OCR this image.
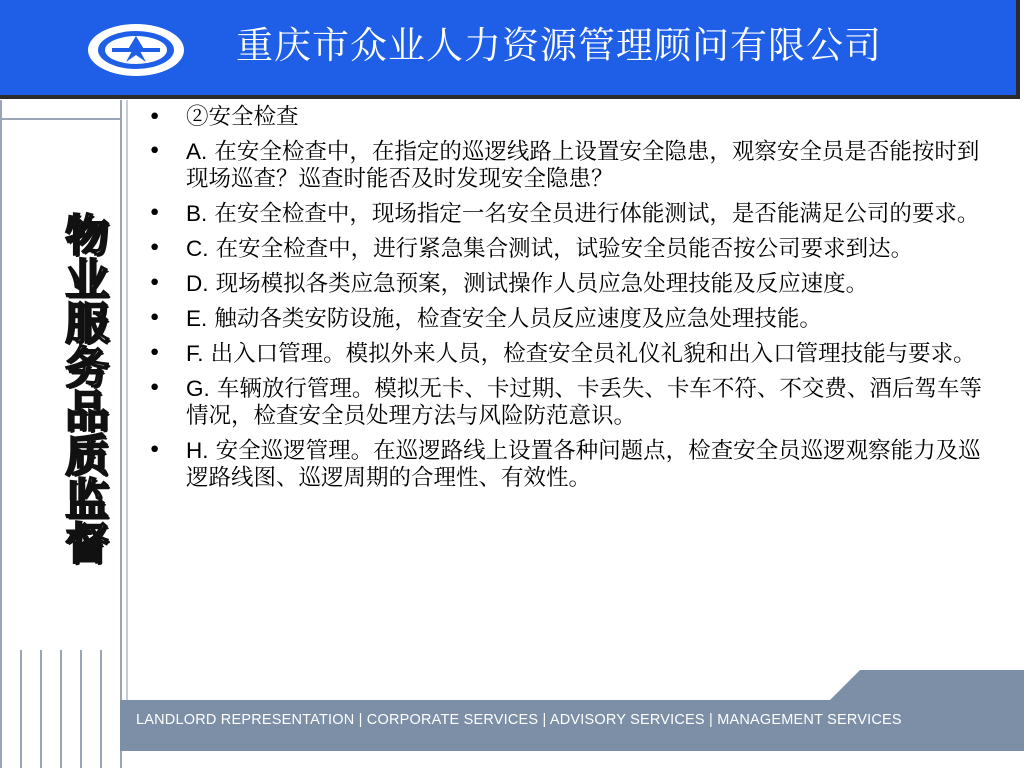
重庆市众业人力资源管理顾问有限公司
物业服务品质监督
• ②安全检查
• A. 在安全检查中，在指定的巡逻线路上设置安全隐患，观察安全员是否能按时到现场巡查？巡查时能否及时发现安全隐患？
• B. 在安全检查中，现场指定一名安全员进行体能测试，是否能满足公司的要求。
• C. 在安全检查中，进行紧急集合测试，试验安全员能否按公司要求到达。
• D. 现场模拟各类应急预案，测试操作人员应急处理技能及反应速度。
• E. 触动各类安防设施，检查安全人员反应速度及应急处理技能。
• F. 出入口管理。模拟外来人员，检查安全员礼仪礼貌和出入口管理技能与要求。
• G. 车辆放行管理。模拟无卡、卡过期、卡丢失、卡车不符、不交费、酒后驾车等情况，检查安全员处理方法与风险防范意识。
• H. 安全巡逻管理。在巡逻路线上设置各种问题点，检查安全员巡逻观察能力及巡逻路线图、巡逻周期的合理性、有效性。
LANDLORD REPRESENTATION | CORPORATE SERVICES | ADVISORY SERVICES | MANAGEMENT SERVICES
